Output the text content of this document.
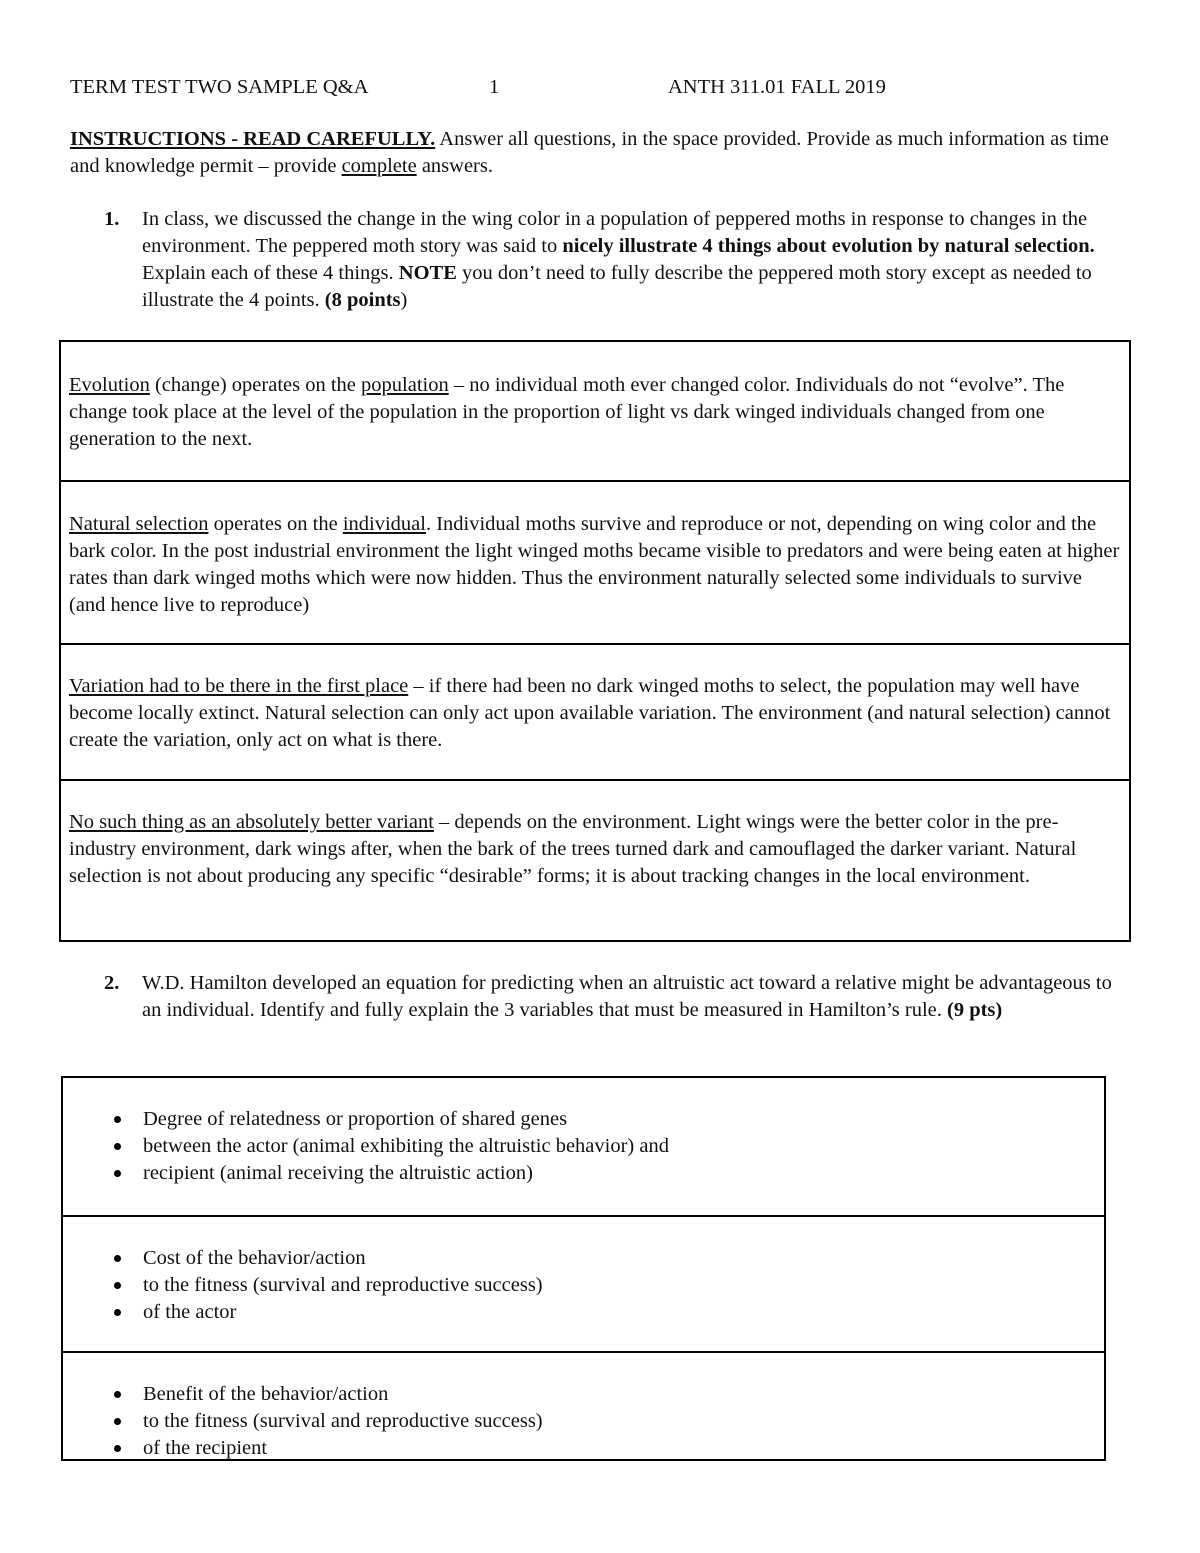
TERM TEST TWO SAMPLE Q&A	1	ANTH 311.01 FALL 2019
INSTRUCTIONS - READ CAREFULLY. Answer all questions, in the space provided. Provide as much information as time and knowledge permit – provide complete answers.
1. In class, we discussed the change in the wing color in a population of peppered moths in response to changes in the environment. The peppered moth story was said to nicely illustrate 4 things about evolution by natural selection. Explain each of these 4 things. NOTE you don’t need to fully describe the peppered moth story except as needed to illustrate the 4 points. (8 points)

Evolution (change) operates on the population – no individual moth ever changed color. Individuals do not “evolve”. The change took place at the level of the population in the proportion of light vs dark winged individuals changed from one generation to the next.

Natural selection operates on the individual. Individual moths survive and reproduce or not, depending on wing color and the bark color. In the post industrial environment the light winged moths became visible to predators and were being eaten at higher rates than dark winged moths which were now hidden. Thus the environment naturally selected some individuals to survive (and hence live to reproduce)

Variation had to be there in the first place – if there had been no dark winged moths to select, the population may well have become locally extinct. Natural selection can only act upon available variation. The environment (and natural selection) cannot create the variation, only act on what is there.

No such thing as an absolutely better variant – depends on the environment. Light wings were the better color in the pre-industry environment, dark wings after, when the bark of the trees turned dark and camouflaged the darker variant. Natural selection is not about producing any specific “desirable” forms; it is about tracking changes in the local environment.

2. W.D. Hamilton developed an equation for predicting when an altruistic act toward a relative might be advantageous to an individual. Identify and fully explain the 3 variables that must be measured in Hamilton’s rule. (9 pts)

Degree of relatedness or proportion of shared genes

between the actor (animal exhibiting the altruistic behavior) and

recipient (animal receiving the altruistic action)

Cost of the behavior/action

to the fitness (survival and reproductive success)

of the actor

Benefit of the behavior/action

to the fitness (survival and reproductive success)

of the recipient
